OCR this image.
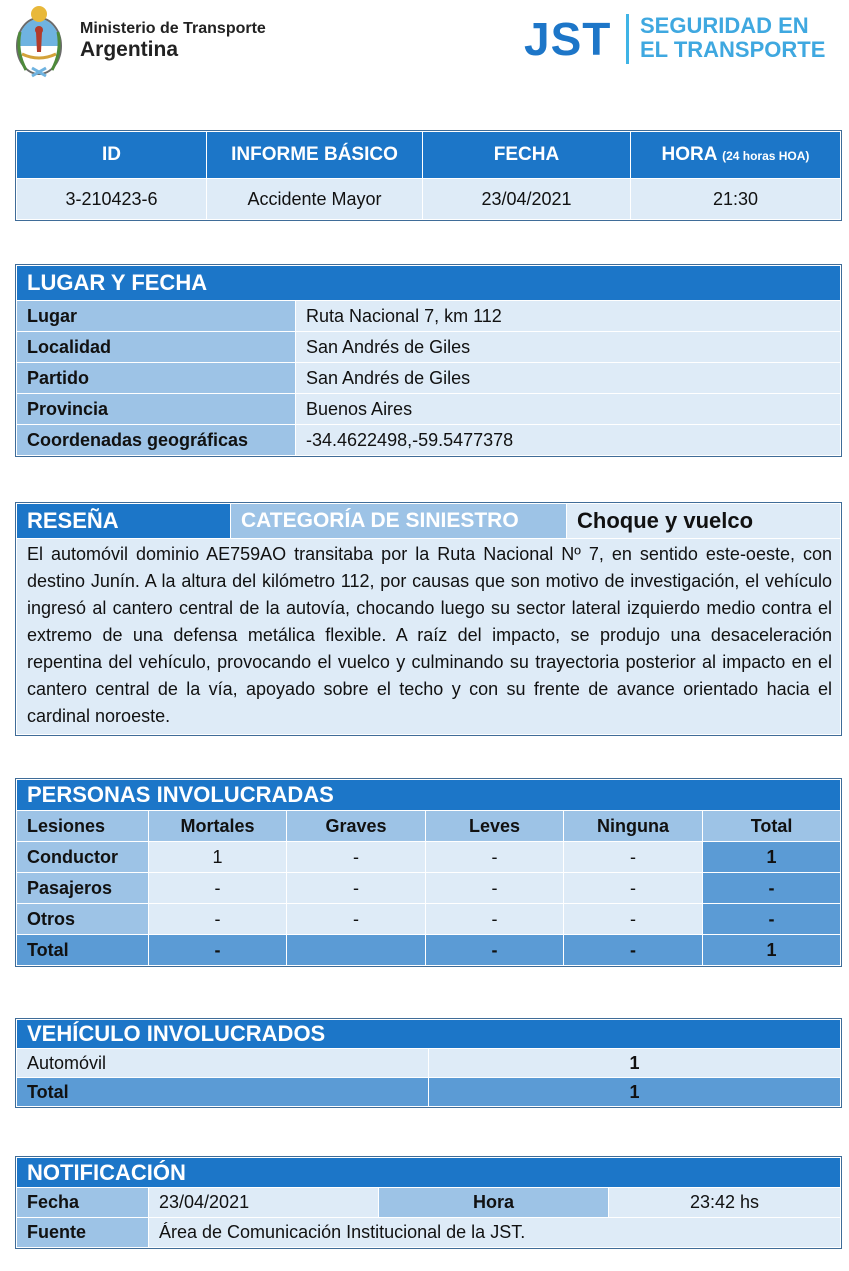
Ministerio de Transporte
Argentina	JST SEGURIDAD EN
EL TRANSPORTE
ID	INFORME BÁSICO	FECHA	HORA (24 horas HOA)
3-210423-6	Accidente Mayor	23/04/2021	21:30
LUGAR Y FECHA	
Lugar	Ruta Nacional 7, km 112
Localidad	San Andrés de Giles
Partido	San Andrés de Giles
Provincia	Buenos Aires
Coordenadas geográficas	-34.4622498,-59.5477378
RESEÑA	CATEGORÍA DE SINIESTRO	Choque y vuelco
El automóvil dominio AE759AO transitaba por la Ruta Nacional Nº 7, en sentido este-oeste, con destino Junín. A la altura del kilómetro 112, por causas que son motivo de investigación, el vehículo ingresó al cantero central de la autovía, chocando luego su sector lateral izquierdo medio contra el extremo de una defensa metálica flexible. A raíz del impacto, se produjo una desaceleración repentina del vehículo, provocando el vuelco y culminando su trayectoria posterior al impacto en el cantero central de la vía, apoyado sobre el techo y con su frente de avance orientado hacia el cardinal noroeste.
PERSONAS INVOLUCRADAS					
Lesiones	Mortales	Graves	Leves	Ninguna	Total
Conductor	1	-	-	-	1
Pasajeros	-	-	-	-	-
Otros	-	-	-	-	-
Total	-		-	-	1
VEHÍCULO INVOLUCRADOS	
Automóvil	1
Total	1
NOTIFICACIÓN			
Fecha	23/04/2021	Hora	23:42 hs
Fuente	Área de Comunicación Institucional de la JST.		
